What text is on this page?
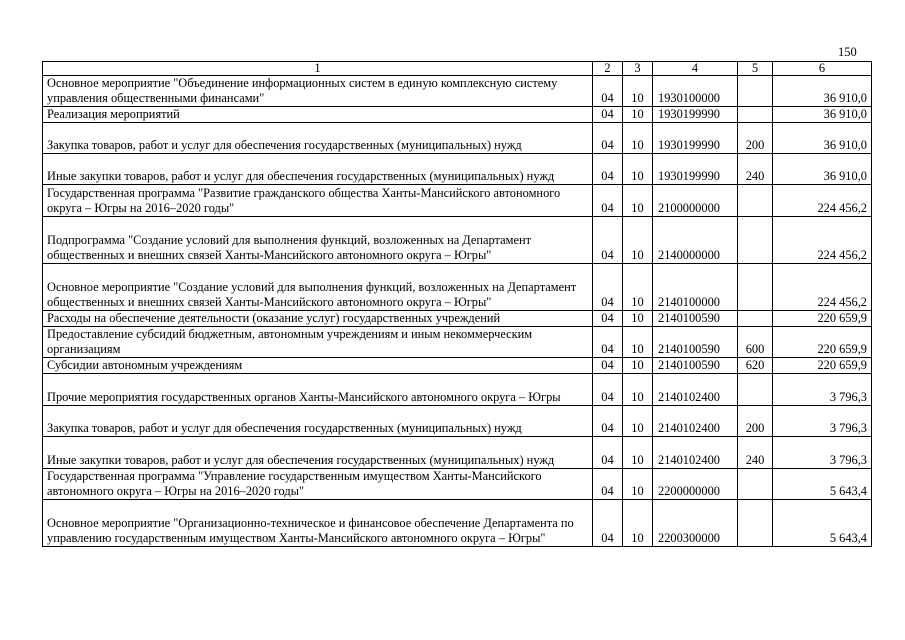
150
1	2	3	4	5	6
Основное мероприятие "Объединение информационных систем в единую комплексную систему управления общественными финансами"	04	10	1930100000		36 910,0
Реализация мероприятий	04	10	1930199990		36 910,0
Закупка товаров, работ и услуг для обеспечения государственных (муниципальных) нужд	04	10	1930199990	200	36 910,0
Иные закупки товаров, работ и услуг для обеспечения государственных (муниципальных) нужд	04	10	1930199990	240	36 910,0
Государственная программа "Развитие гражданского общества Ханты-Мансийского автономного округа – Югры на 2016–2020 годы"	04	10	2100000000		224 456,2
Подпрограмма "Создание условий для выполнения функций, возложенных на Департамент общественных и внешних связей Ханты-Мансийского автономного округа – Югры"	04	10	2140000000		224 456,2
Основное мероприятие "Создание условий для выполнения функций, возложенных на Департамент общественных и внешних связей Ханты-Мансийского автономного округа – Югры"	04	10	2140100000		224 456,2
Расходы на обеспечение деятельности (оказание услуг) государственных учреждений	04	10	2140100590		220 659,9
Предоставление субсидий бюджетным, автономным учреждениям и иным некоммерческим организациям	04	10	2140100590	600	220 659,9
Субсидии автономным учреждениям	04	10	2140100590	620	220 659,9
Прочие мероприятия государственных органов Ханты-Мансийского автономного округа – Югры	04	10	2140102400		3 796,3
Закупка товаров, работ и услуг для обеспечения государственных (муниципальных) нужд	04	10	2140102400	200	3 796,3
Иные закупки товаров, работ и услуг для обеспечения государственных (муниципальных) нужд	04	10	2140102400	240	3 796,3
Государственная программа "Управление государственным имуществом Ханты-Мансийского автономного округа – Югры на 2016–2020 годы"	04	10	2200000000		5 643,4
Основное мероприятие "Организационно-техническое и финансовое обеспечение Департамента по управлению государственным имуществом Ханты-Мансийского автономного округа – Югры"	04	10	2200300000		5 643,4
